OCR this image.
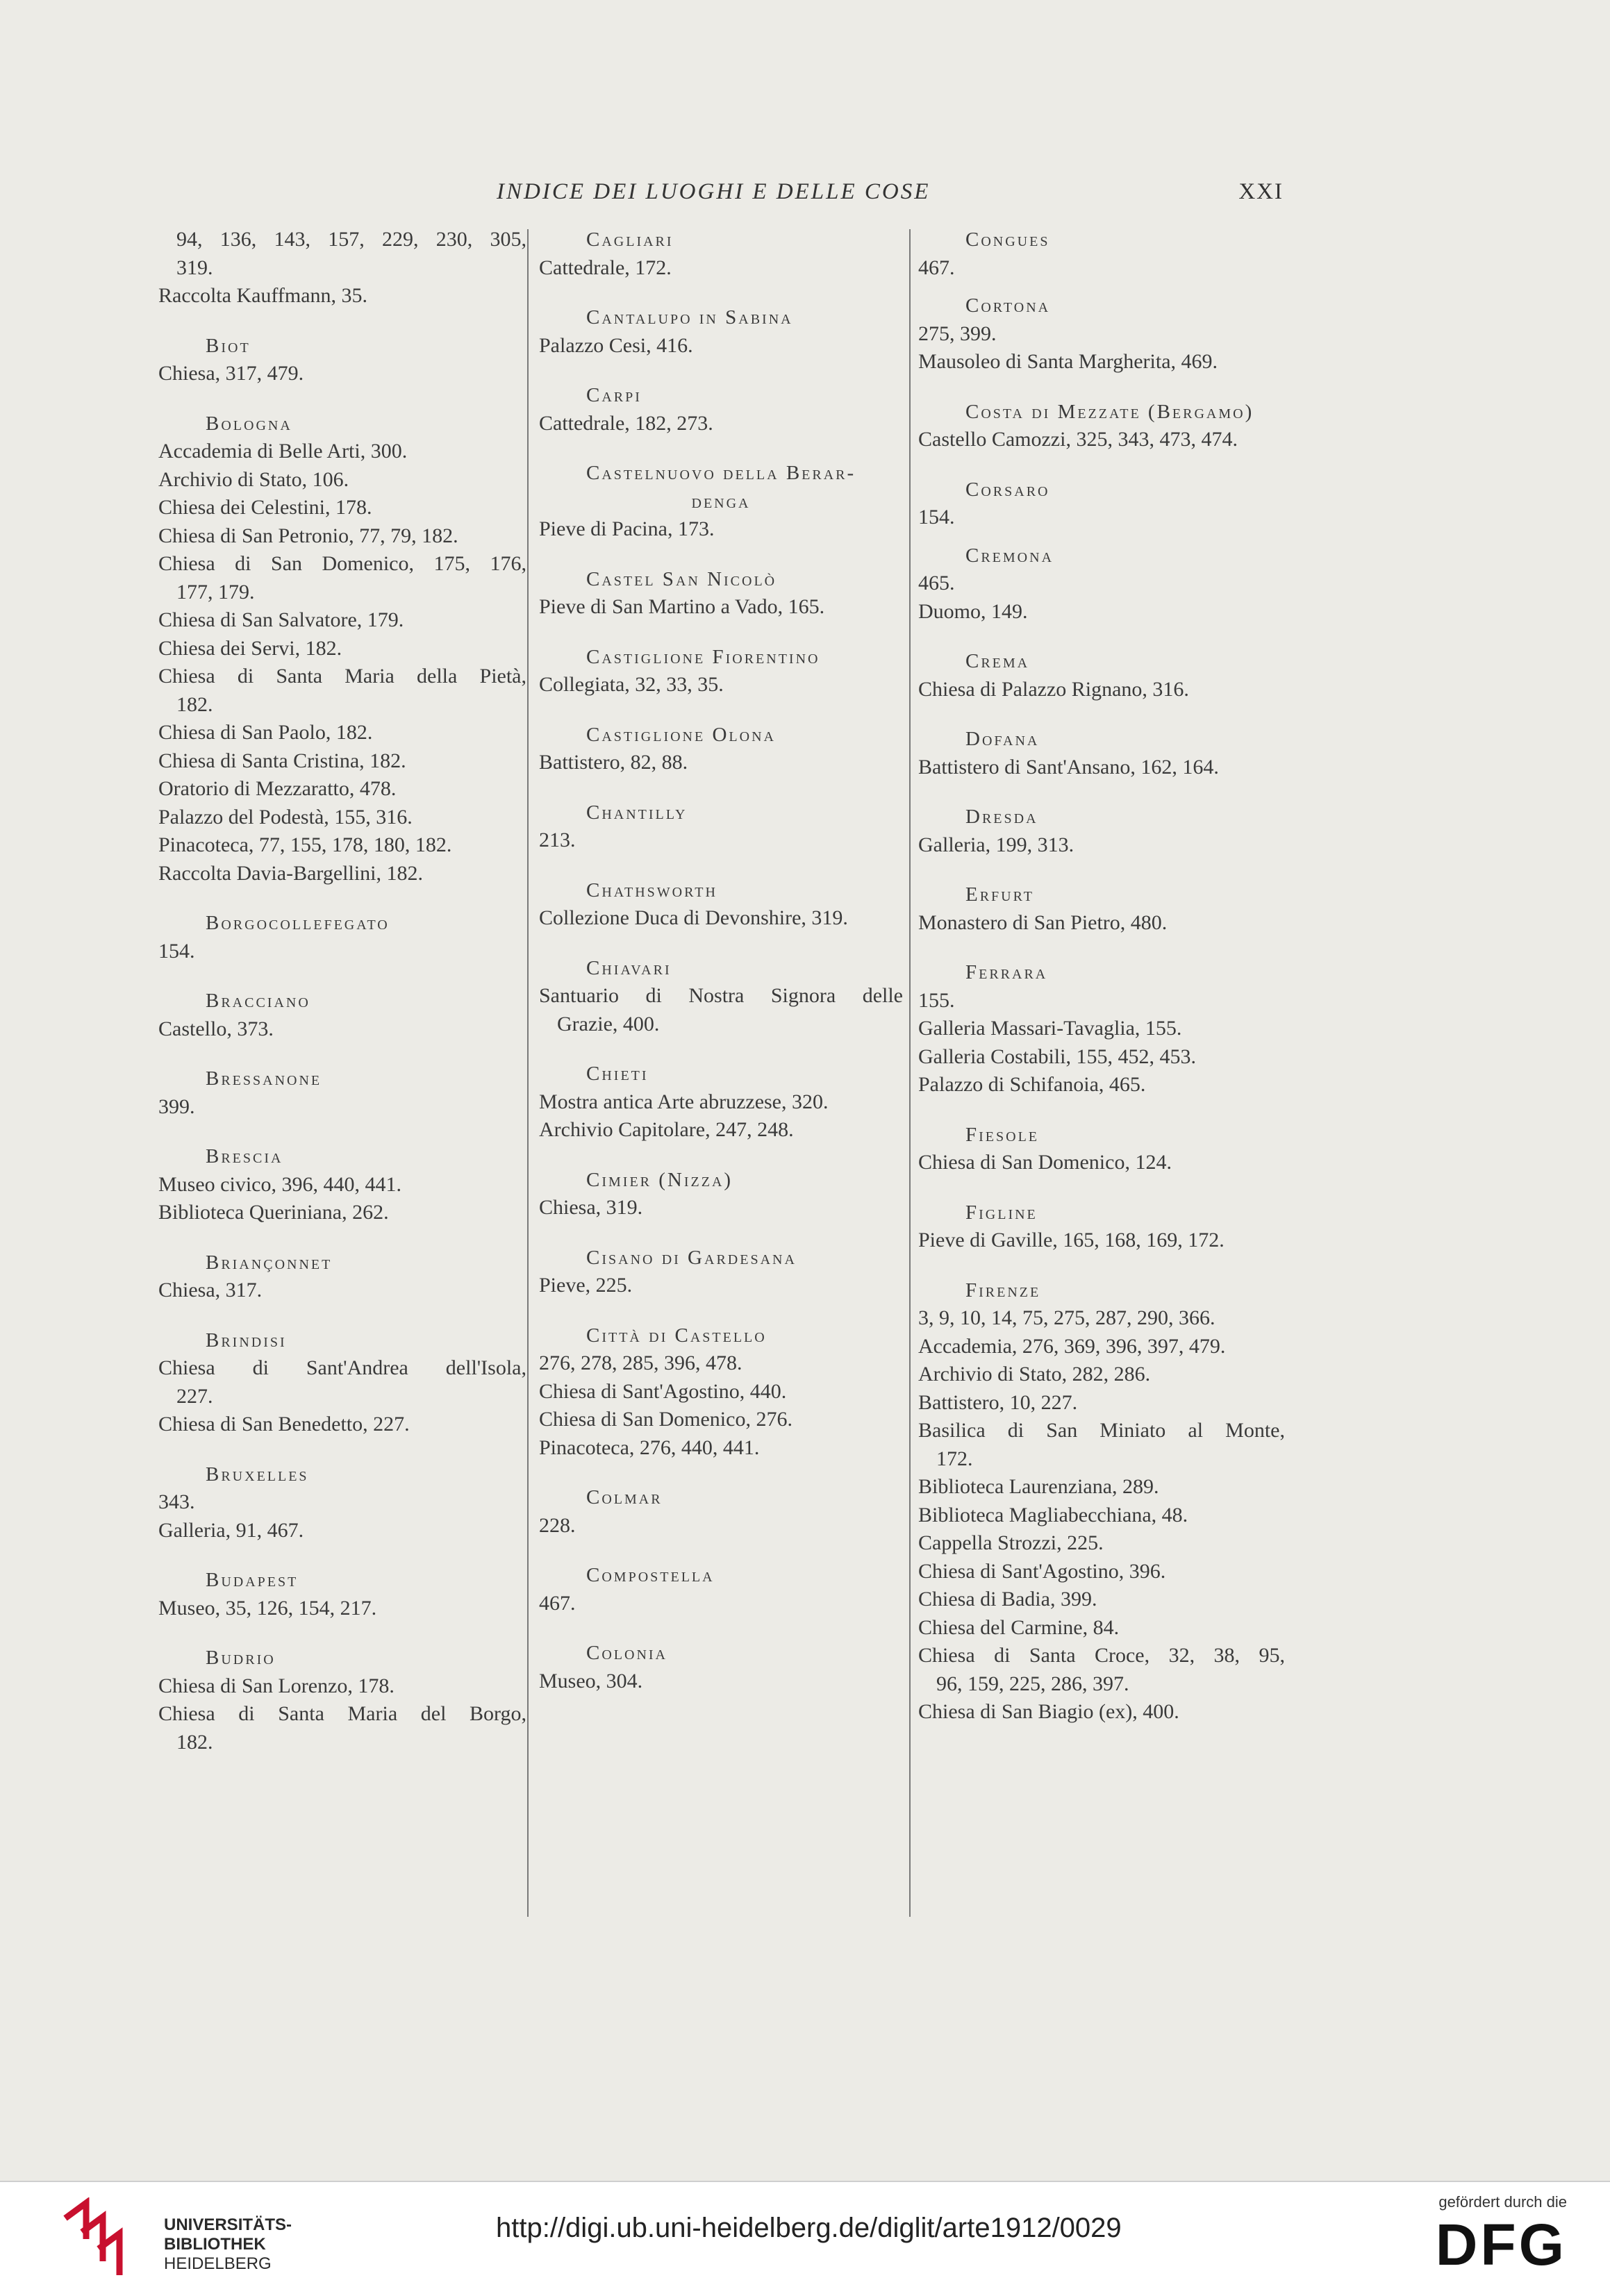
INDICE DEI LUOGHI E DELLE COSE	XXI
94, 136, 143, 157, 229, 230, 305,
319.
Raccolta Kauffmann, 35.
Biot
Chiesa, 317, 479.
Bologna
Accademia di Belle Arti, 300.
Archivio di Stato, 106.
Chiesa dei Celestini, 178.
Chiesa di San Petronio, 77, 79, 182.
Chiesa di San Domenico, 175, 176,
177, 179.
Chiesa di San Salvatore, 179.
Chiesa dei Servi, 182.
Chiesa di Santa Maria della Pietà,
182.
Chiesa di San Paolo, 182.
Chiesa di Santa Cristina, 182.
Oratorio di Mezzaratto, 478.
Palazzo del Podestà, 155, 316.
Pinacoteca, 77, 155, 178, 180, 182.
Raccolta Davia-Bargellini, 182.
Borgocollefegato
154.
Bracciano
Castello, 373.
Bressanone
399.
Brescia
Museo civico, 396, 440, 441.
Biblioteca Queriniana, 262.
Briançonnet
Chiesa, 317.
Brindisi
Chiesa di Sant'Andrea dell'Isola,
227.
Chiesa di San Benedetto, 227.
Bruxelles
343.
Galleria, 91, 467.
Budapest
Museo, 35, 126, 154, 217.
Budrio
Chiesa di San Lorenzo, 178.
Chiesa di Santa Maria del Borgo,
182.
Cagliari
Cattedrale, 172.
Cantalupo in Sabina
Palazzo Cesi, 416.
Carpi
Cattedrale, 182, 273.
Castelnuovo della Berar-
denga
Pieve di Pacina, 173.
Castel San Nicolò
Pieve di San Martino a Vado, 165.
Castiglione Fiorentino
Collegiata, 32, 33, 35.
Castiglione Olona
Battistero, 82, 88.
Chantilly
213.
Chathsworth
Collezione Duca di Devonshire, 319.
Chiavari
Santuario di Nostra Signora delle
Grazie, 400.
Chieti
Mostra antica Arte abruzzese, 320.
Archivio Capitolare, 247, 248.
Cimier (Nizza)
Chiesa, 319.
Cisano di Gardesana
Pieve, 225.
Città di Castello
276, 278, 285, 396, 478.
Chiesa di Sant'Agostino, 440.
Chiesa di San Domenico, 276.
Pinacoteca, 276, 440, 441.
Colmar
228.
Compostella
467.
Colonia
Museo, 304.
Congues
467.
Cortona
275, 399.
Mausoleo di Santa Margherita, 469.
Costa di Mezzate (Bergamo)
Castello Camozzi, 325, 343, 473, 474.
Corsaro
154.
Cremona
465.
Duomo, 149.
Crema
Chiesa di Palazzo Rignano, 316.
Dofana
Battistero di Sant'Ansano, 162, 164.
Dresda
Galleria, 199, 313.
Erfurt
Monastero di San Pietro, 480.
Ferrara
155.
Galleria Massari-Tavaglia, 155.
Galleria Costabili, 155, 452, 453.
Palazzo di Schifanoia, 465.
Fiesole
Chiesa di San Domenico, 124.
Figline
Pieve di Gaville, 165, 168, 169, 172.
Firenze
3, 9, 10, 14, 75, 275, 287, 290, 366.
Accademia, 276, 369, 396, 397, 479.
Archivio di Stato, 282, 286.
Battistero, 10, 227.
Basilica di San Miniato al Monte,
172.
Biblioteca Laurenziana, 289.
Biblioteca Magliabecchiana, 48.
Cappella Strozzi, 225.
Chiesa di Sant'Agostino, 396.
Chiesa di Badia, 399.
Chiesa del Carmine, 84.
Chiesa di Santa Croce, 32, 38, 95,
96, 159, 225, 286, 397.
Chiesa di San Biagio (ex), 400.
UNIVERSITÄTS-
BIBLIOTHEK
HEIDELBERG
http://digi.ub.uni-heidelberg.de/diglit/arte1912/0029
gefördert durch die
DFG
